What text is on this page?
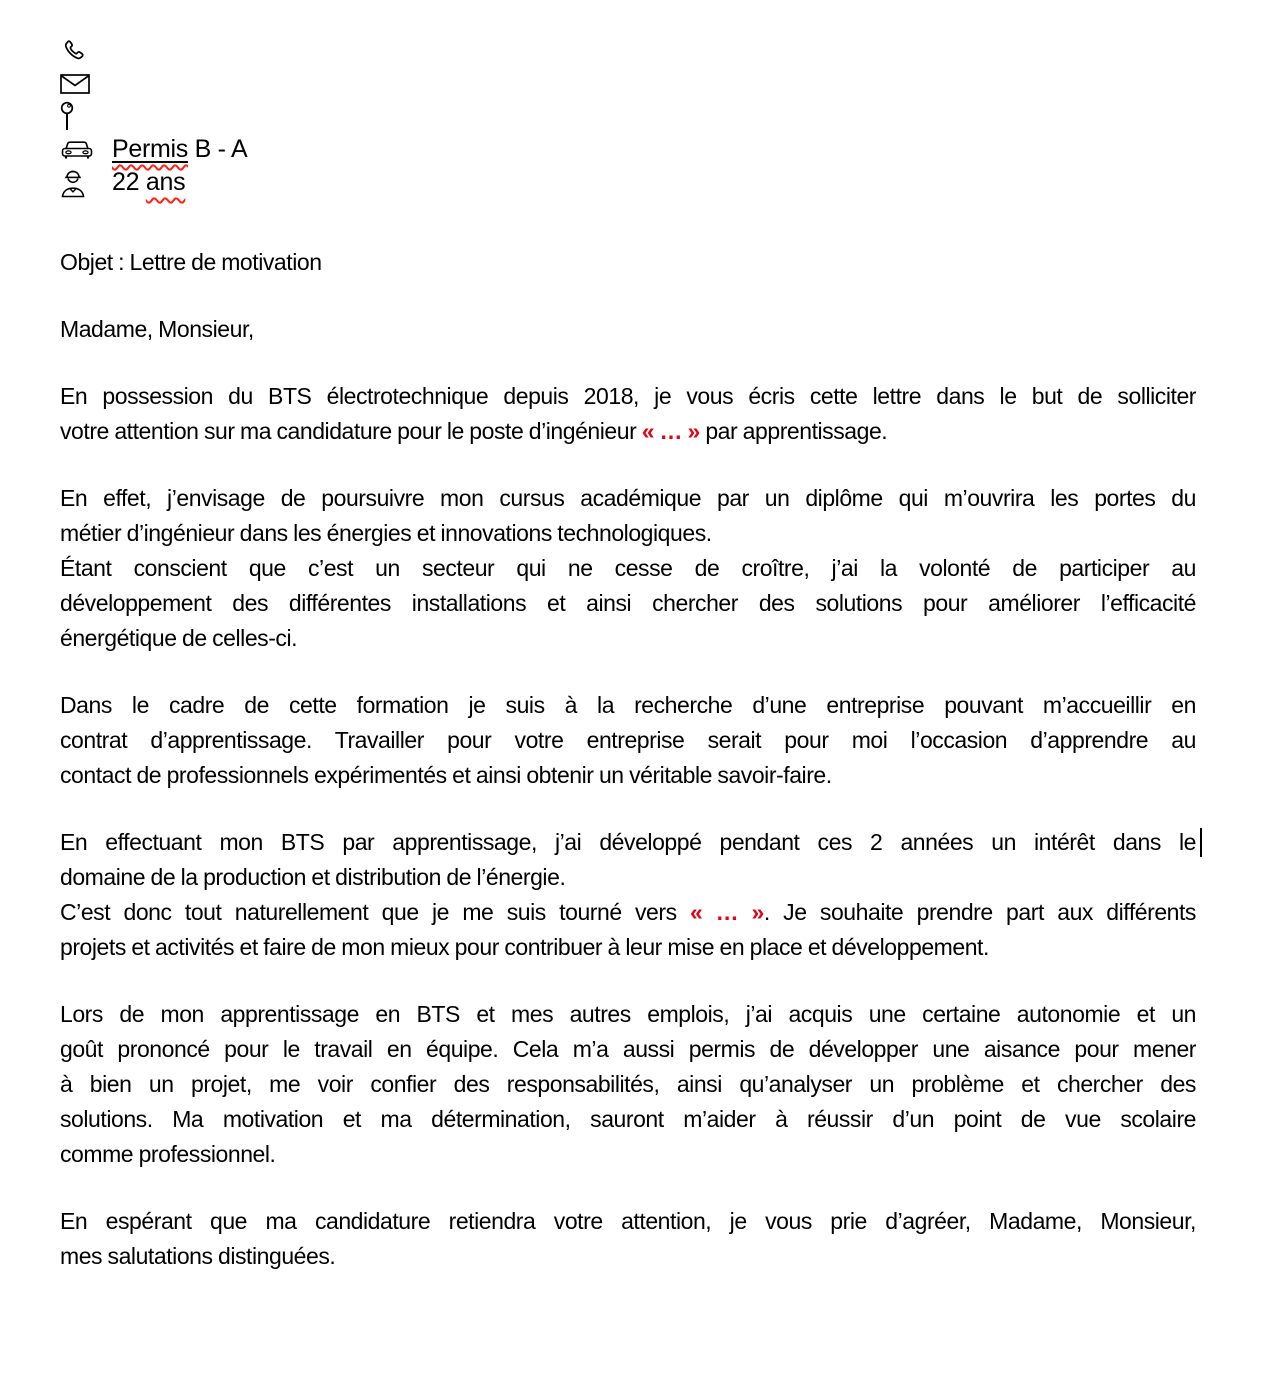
Permis B - A
22 ans
Objet : Lettre de motivation
Madame, Monsieur,
En possession du BTS électrotechnique depuis 2018, je vous écris cette lettre dans le but de solliciter
votre attention sur ma candidature pour le poste d’ingénieur « … » par apprentissage.
En effet, j’envisage de poursuivre mon cursus académique par un diplôme qui m’ouvrira les portes du
métier d’ingénieur dans les énergies et innovations technologiques.
Étant conscient que c’est un secteur qui ne cesse de croître, j’ai la volonté de participer au
développement des différentes installations et ainsi chercher des solutions pour améliorer l’efficacité
énergétique de celles-ci.
Dans le cadre de cette formation je suis à la recherche d’une entreprise pouvant m’accueillir en
contrat d’apprentissage. Travailler pour votre entreprise serait pour moi l’occasion d’apprendre au
contact de professionnels expérimentés et ainsi obtenir un véritable savoir-faire.
En effectuant mon BTS par apprentissage, j’ai développé pendant ces 2 années un intérêt dans le
domaine de la production et distribution de l’énergie.
C’est donc tout naturellement que je me suis tourné vers « … ». Je souhaite prendre part aux différents
projets et activités et faire de mon mieux pour contribuer à leur mise en place et développement.
Lors de mon apprentissage en BTS et mes autres emplois, j’ai acquis une certaine autonomie et un
goût prononcé pour le travail en équipe. Cela m’a aussi permis de développer une aisance pour mener
à bien un projet, me voir confier des responsabilités, ainsi qu’analyser un problème et chercher des
solutions. Ma motivation et ma détermination, sauront m’aider à réussir d’un point de vue scolaire
comme professionnel.
En espérant que ma candidature retiendra votre attention, je vous prie d’agréer, Madame, Monsieur,
mes salutations distinguées.
